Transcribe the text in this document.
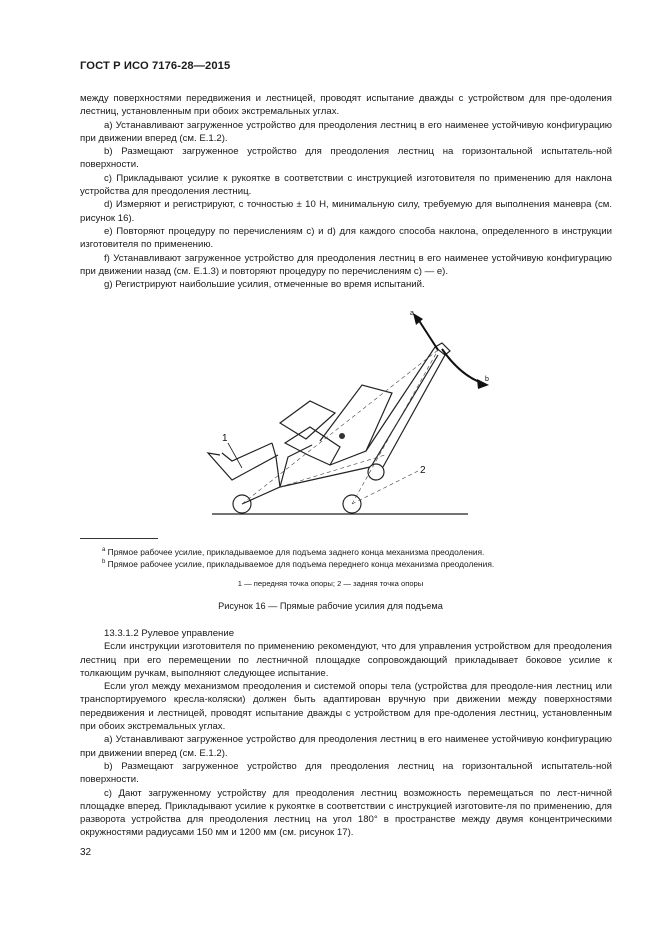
ГОСТ Р ИСО 7176-28—2015

между поверхностями передвижения и лестницей, проводят испытание дважды с устройством для пре-одоления лестниц, установленным при обоих экстремальных углах.

a) Устанавливают загруженное устройство для преодоления лестниц в его наименее устойчивую конфигурацию при движении вперед (см. Е.1.2).

b) Размещают загруженное устройство для преодоления лестниц на горизонтальной испытатель-ной поверхности.

c) Прикладывают усилие к рукоятке в соответствии с инструкцией изготовителя по применению для наклона устройства для преодоления лестниц.

d) Измеряют и регистрируют, с точностью ± 10 Н, минимальную силу, требуемую для выполнения маневра (см. рисунок 16).

e) Повторяют процедуру по перечислениям c) и d) для каждого способа наклона, определенного в инструкции изготовителя по применению.

f) Устанавливают загруженное устройство для преодоления лестниц в его наименее устойчивую конфигурацию при движении назад (см. Е.1.3) и повторяют процедуру по перечислениям c) — e).

g) Регистрируют наибольшие усилия, отмеченные во время испытаний.

a
b
1
2
$^a$ Прямое рабочее усилие, прикладываемое для подъема заднего конца механизма преодоления.
$^b$ Прямое рабочее усилие, прикладываемое для подъема переднего конца механизма преодоления.
1 — передняя точка опоры; 2 — задняя точка опоры
Рисунок 16 — Прямые рабочие усилия для подъема

13.3.1.2 Рулевое управление

Если инструкции изготовителя по применению рекомендуют, что для управления устройством для преодоления лестниц при его перемещении по лестничной площадке сопровождающий прикладывает боковое усилие к толкающим ручкам, выполняют следующее испытание.

Если угол между механизмом преодоления и системой опоры тела (устройства для преодоле-ния лестниц или транспортируемого кресла-коляски) должен быть адаптирован вручную при движении между поверхностями передвижения и лестницей, проводят испытание дважды с устройством для пре-одоления лестниц, установленным при обоих экстремальных углах.

a) Устанавливают загруженное устройство для преодоления лестниц в его наименее устойчивую конфигурацию при движении вперед (см. Е.1.2).

b) Размещают загруженное устройство для преодоления лестниц на горизонтальной испытатель-ной поверхности.

c) Дают загруженному устройству для преодоления лестниц возможность перемещаться по лест-ничной площадке вперед. Прикладывают усилие к рукоятке в соответствии с инструкцией изготовите-ля по применению, для разворота устройства для преодоления лестниц на угол 180° в пространстве между двумя концентрическими окружностями радиусами 150 мм и 1200 мм (см. рисунок 17).

32
